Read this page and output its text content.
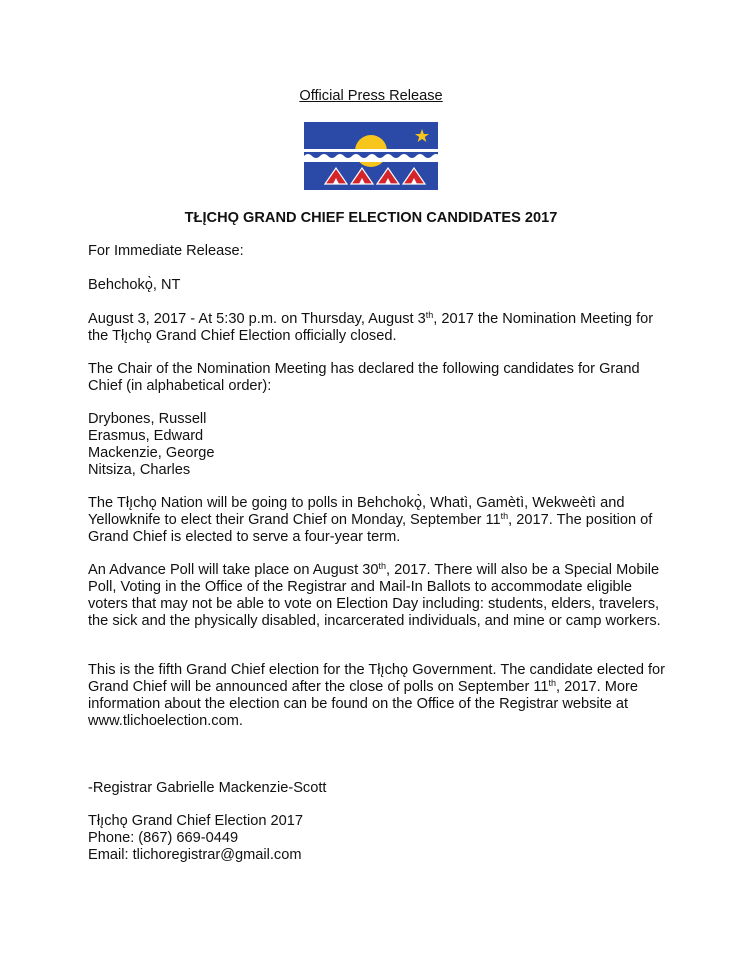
Official Press Release
TŁĮCHǪ GRAND CHIEF ELECTION CANDIDATES 2017
For Immediate Release:
Behchokǫ̀, NT
August 3, 2017 - At 5:30 p.m. on Thursday, August 3th, 2017 the Nomination Meeting for the Tłı̨chǫ Grand Chief Election officially closed.
The Chair of the Nomination Meeting has declared the following candidates for Grand Chief (in alphabetical order):

Drybones, Russell

Erasmus, Edward

Mackenzie, George

Nitsiza, Charles

The Tłı̨chǫ Nation will be going to polls in Behchokǫ̀, Whatì, Gamètì, Wekweètì and Yellowknife to elect their Grand Chief on Monday, September 11th, 2017. The position of Grand Chief is elected to serve a four-year term.
An Advance Poll will take place on August 30th, 2017. There will also be a Special Mobile Poll, Voting in the Office of the Registrar and Mail-In Ballots to accommodate eligible voters that may not be able to vote on Election Day including: students, elders, travelers, the sick and the physically disabled, incarcerated individuals, and mine or camp workers.
This is the fifth Grand Chief election for the Tłı̨chǫ Government. The candidate elected for Grand Chief will be announced after the close of polls on September 11th, 2017. More information about the election can be found on the Office of the Registrar website at www.tlichoelection.com.
-Registrar Gabrielle Mackenzie-Scott

Tłı̨chǫ Grand Chief Election 2017

Phone: (867) 669-0449

Email: tlichoregistrar@gmail.com
